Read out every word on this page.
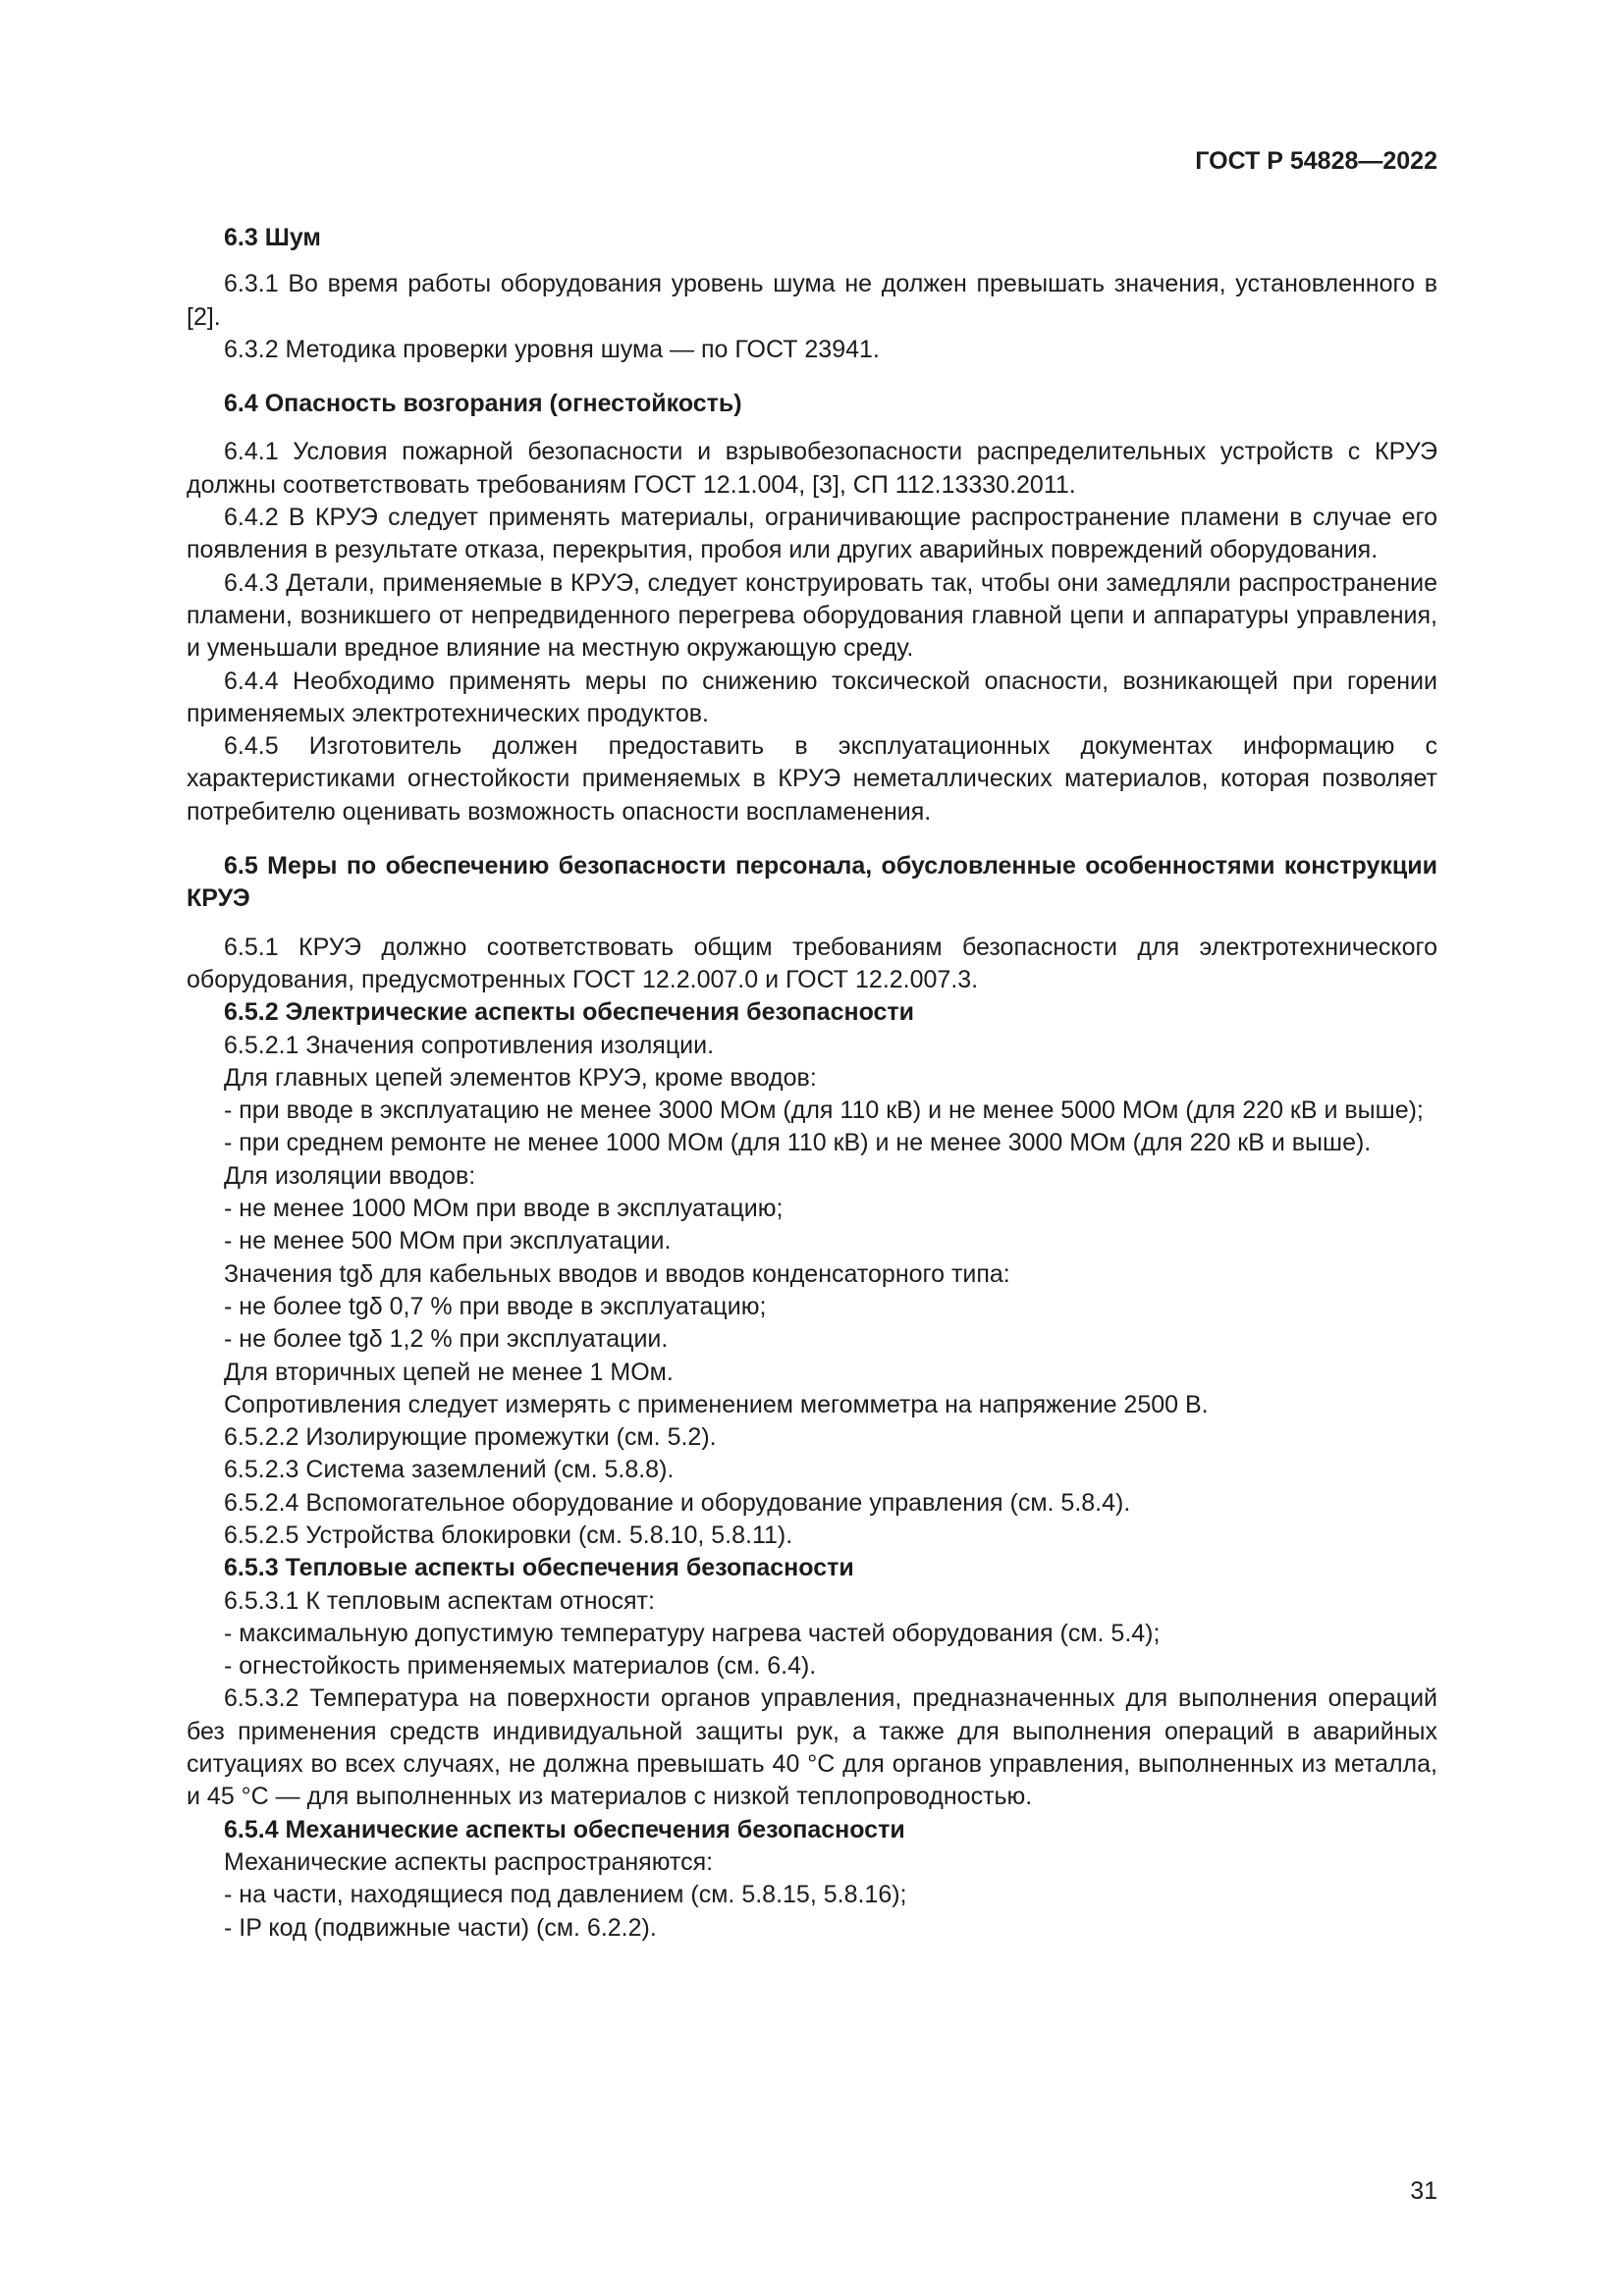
ГОСТ Р 54828—2022

6.3 Шум

6.3.1 Во время работы оборудования уровень шума не должен превышать значения, установленного в [2].

6.3.2 Методика проверки уровня шума — по ГОСТ 23941.

6.4 Опасность возгорания (огнестойкость)

6.4.1 Условия пожарной безопасности и взрывобезопасности распределительных устройств с КРУЭ должны соответствовать требованиям ГОСТ 12.1.004, [3], СП 112.13330.2011.

6.4.2 В КРУЭ следует применять материалы, ограничивающие распространение пламени в случае его появления в результате отказа, перекрытия, пробоя или других аварийных повреждений оборудования.

6.4.3 Детали, применяемые в КРУЭ, следует конструировать так, чтобы они замедляли распространение пламени, возникшего от непредвиденного перегрева оборудования главной цепи и аппаратуры управления, и уменьшали вредное влияние на местную окружающую среду.

6.4.4 Необходимо применять меры по снижению токсической опасности, возникающей при горении применяемых электротехнических продуктов.

6.4.5 Изготовитель должен предоставить в эксплуатационных документах информацию с характеристиками огнестойкости применяемых в КРУЭ неметаллических материалов, которая позволяет потребителю оценивать возможность опасности воспламенения.

6.5 Меры по обеспечению безопасности персонала, обусловленные особенностями конструкции КРУЭ

6.5.1 КРУЭ должно соответствовать общим требованиям безопасности для электротехнического оборудования, предусмотренных ГОСТ 12.2.007.0 и ГОСТ 12.2.007.3.

6.5.2 Электрические аспекты обеспечения безопасности

6.5.2.1 Значения сопротивления изоляции.

Для главных цепей элементов КРУЭ, кроме вводов:

- при вводе в эксплуатацию не менее 3000 МОм (для 110 кВ) и не менее 5000 МОм (для 220 кВ и выше);

- при среднем ремонте не менее 1000 МОм (для 110 кВ) и не менее 3000 МОм (для 220 кВ и выше).

Для изоляции вводов:

- не менее 1000 МОм при вводе в эксплуатацию;

- не менее 500 МОм при эксплуатации.

Значения tgδ для кабельных вводов и вводов конденсаторного типа:

- не более tgδ 0,7 % при вводе в эксплуатацию;

- не более tgδ 1,2 % при эксплуатации.

Для вторичных цепей не менее 1 МОм.

Сопротивления следует измерять с применением мегомметра на напряжение 2500 В.

6.5.2.2 Изолирующие промежутки (см. 5.2).

6.5.2.3 Система заземлений (см. 5.8.8).

6.5.2.4 Вспомогательное оборудование и оборудование управления (см. 5.8.4).

6.5.2.5 Устройства блокировки (см. 5.8.10, 5.8.11).

6.5.3 Тепловые аспекты обеспечения безопасности

6.5.3.1 К тепловым аспектам относят:

- максимальную допустимую температуру нагрева частей оборудования (см. 5.4);

- огнестойкость применяемых материалов (см. 6.4).

6.5.3.2 Температура на поверхности органов управления, предназначенных для выполнения операций без применения средств индивидуальной защиты рук, а также для выполнения операций в аварийных ситуациях во всех случаях, не должна превышать 40 °С для органов управления, выполненных из металла, и 45 °С — для выполненных из материалов с низкой теплопроводностью.

6.5.4 Механические аспекты обеспечения безопасности

Механические аспекты распространяются:

- на части, находящиеся под давлением (см. 5.8.15, 5.8.16);

- IP код (подвижные части) (см. 6.2.2).

31
